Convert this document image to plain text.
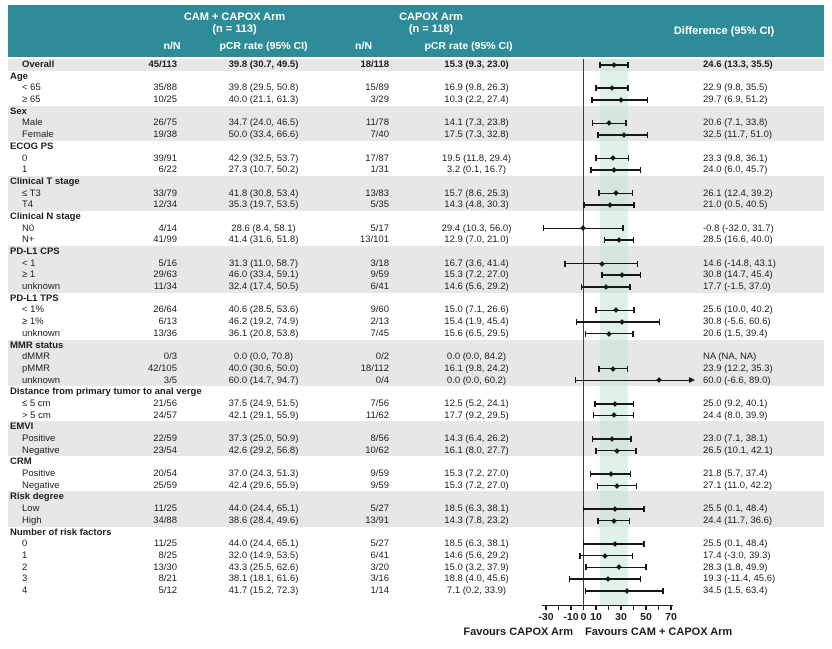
CAM + CAPOX Arm
(n = 113)
CAPOX Arm
(n = 118)	Difference (95% CI)
n/N	pCR rate (95% CI)	n/N	pCR rate (95% CI)
Overall	45/113	39.8 (30.7, 49.5)	18/118	15.3 (9.3, 23.0)	24.6 (13.3, 35.5)
Age
< 65	35/88	39.8 (29.5, 50.8)	15/89	16.9 (9.8, 26.3)	22.9 (9.8, 35.5)
≥ 65	10/25	40.0 (21.1, 61.3)	3/29	10.3 (2.2, 27.4)	29.7 (6.9, 51.2)
Sex
Male	26/75	34.7 (24.0, 46.5)	11/78	14.1 (7.3, 23.8)	20.6 (7.1, 33.8)
Female	19/38	50.0 (33.4, 66.6)	7/40	17.5 (7.3, 32.8)	32.5 (11.7, 51.0)
ECOG PS
0	39/91	42.9 (32.5, 53.7)	17/87	19.5 (11.8, 29.4)	23.3 (9.8, 36.1)
1	6/22	27.3 (10.7, 50.2)	1/31	3.2 (0.1, 16.7)	24.0 (6.0, 45.7)
Clinical T stage
≤ T3	33/79	41.8 (30.8, 53.4)	13/83	15.7 (8.6, 25.3)	26.1 (12.4, 39.2)
T4	12/34	35.3 (19.7, 53.5)	5/35	14.3 (4.8, 30.3)	21.0 (0.5, 40.5)
Clinical N stage
N0	4/14	28.6 (8.4, 58.1)	5/17	29.4 (10.3, 56.0)	-0.8 (-32.0, 31.7)
N+	41/99	41.4 (31.6, 51.8)	13/101	12.9 (7.0, 21.0)	28.5 (16.6, 40.0)
PD-L1 CPS
< 1	5/16	31.3 (11.0, 58.7)	3/18	16.7 (3.6, 41.4)	14.6 (-14.8, 43.1)
≥ 1	29/63	46.0 (33.4, 59.1)	9/59	15.3 (7.2, 27.0)	30.8 (14.7, 45.4)
unknown	11/34	32.4 (17.4, 50.5)	6/41	14.6 (5.6, 29.2)	17.7 (-1.5, 37.0)
PD-L1 TPS
< 1%	26/64	40.6 (28.5, 53.6)	9/60	15.0 (7.1, 26.6)	25.6 (10.0, 40.2)
≥ 1%	6/13	46.2 (19.2, 74.9)	2/13	15.4 (1.9, 45.4)	30.8 (-5.6, 60.6)
unknown	13/36	36.1 (20.8, 53.8)	7/45	15.6 (6.5, 29.5)	20.6 (1.5, 39.4)
MMR status
dMMR	0/3	0.0 (0.0, 70.8)	0/2	0.0 (0.0, 84.2)	NA (NA, NA)
pMMR	42/105	40.0 (30.6, 50.0)	18/112	16.1 (9.8, 24.2)	23.9 (12.2, 35.3)
unknown	3/5	60.0 (14.7, 94.7)	0/4	0.0 (0.0, 60.2)	60.0 (-6.6, 89.0)
Distance from primary tumor to anal verge
≤ 5 cm	21/56	37.5 (24.9, 51.5)	7/56	12.5 (5.2, 24.1)	25.0 (9.2, 40.1)
> 5 cm	24/57	42.1 (29.1, 55.9)	11/62	17.7 (9.2, 29.5)	24.4 (8.0, 39.9)
EMVI
Positive	22/59	37.3 (25.0, 50.9)	8/56	14.3 (6.4, 26.2)	23.0 (7.1, 38.1)
Negative	23/54	42.6 (29.2, 56.8)	10/62	16.1 (8.0, 27.7)	26.5 (10.1, 42.1)
CRM
Positive	20/54	37.0 (24.3, 51.3)	9/59	15.3 (7.2, 27.0)	21.8 (5.7, 37.4)
Negative	25/59	42.4 (29.6, 55.9)	9/59	15.3 (7.2, 27.0)	27.1 (11.0, 42.2)
Risk degree
Low	11/25	44.0 (24.4, 65.1)	5/27	18.5 (6.3, 38.1)	25.5 (0.1, 48.4)
High	34/88	38.6 (28.4, 49.6)	13/91	14.3 (7.8, 23.2)	24.4 (11.7, 36.6)
Number of risk factors
0	11/25	44.0 (24.4, 65.1)	5/27	18.5 (6.3, 38.1)	25.5 (0.1, 48.4)
1	8/25	32.0 (14.9, 53.5)	6/41	14.6 (5.6, 29.2)	17.4 (-3.0, 39.3)
2	13/30	43.3 (25.5, 62.6)	3/20	15.0 (3.2, 37.9)	28.3 (1.8, 49.9)
3	8/21	38.1 (18.1, 61.6)	3/16	18.8 (4.0, 45.6)	19.3 (-11.4, 45.6)
4	5/12	41.7 (15.2, 72.3)	1/14	7.1 (0.2, 33.9)	34.5 (1.5, 63.4)
Favours CAPOX Arm Favours CAM + CAPOX Arm
-30 -10 0 10 30 50 70
